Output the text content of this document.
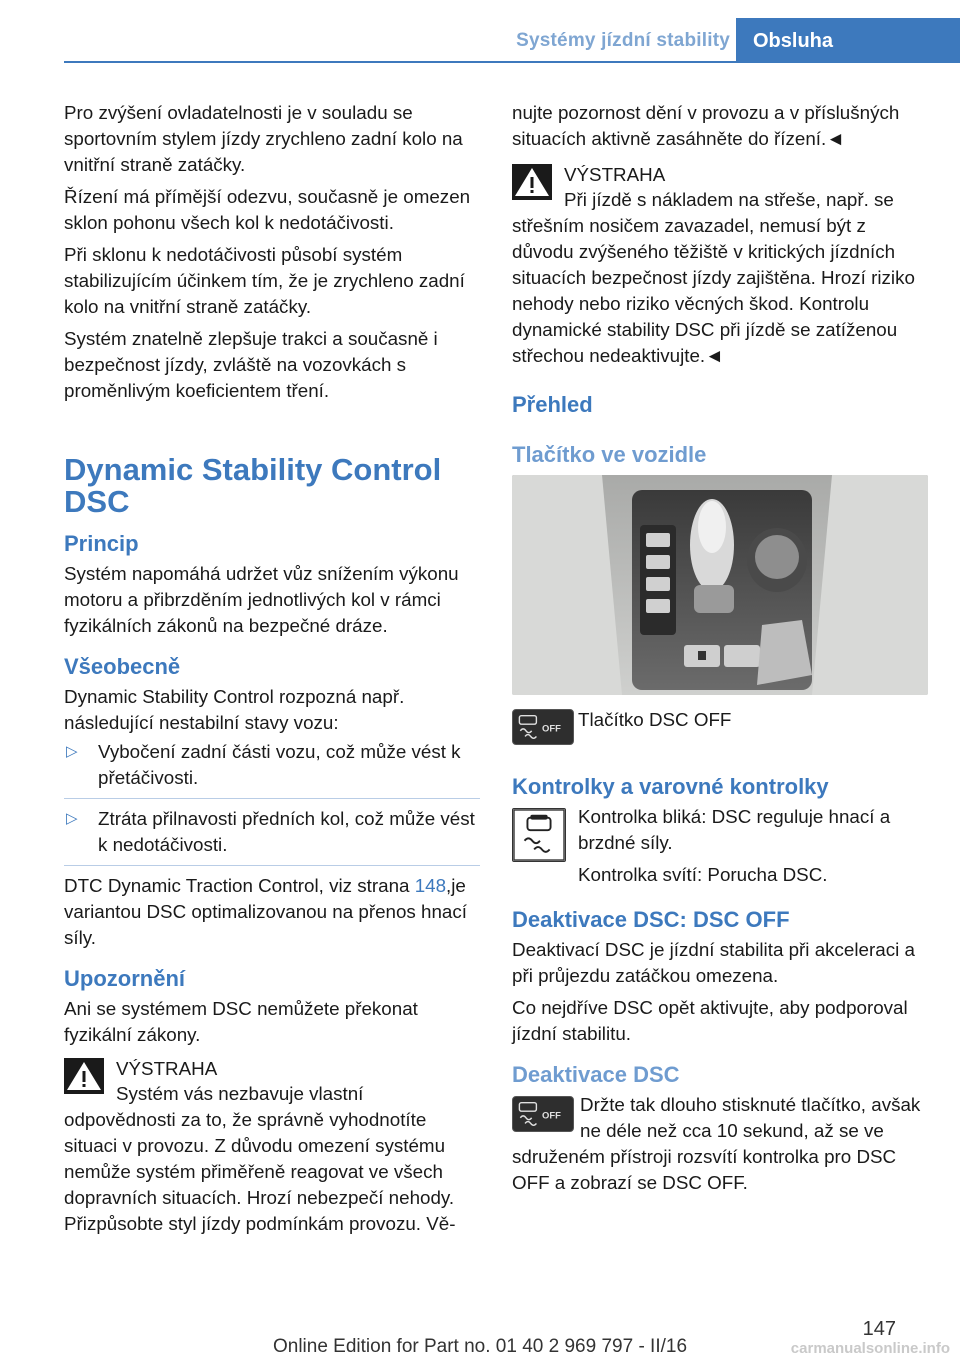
Systémy jízdní stability	Obsluha

Pro zvýšení ovladatelnosti je v souladu se sportovním stylem jízdy zrychleno zadní kolo na vnitřní straně zatáčky.

Řízení má přímější odezvu, současně je omezen sklon pohonu všech kol k nedotáčivosti.

Při sklonu k nedotáčivosti působí systém stabilizujícím účinkem tím, že je zrychleno zadní kolo na vnitřní straně zatáčky.

Systém znatelně zlepšuje trakci a současně i bezpečnost jízdy, zvláště na vozovkách s proměnlivým koeficientem tření.

Dynamic Stability Control DSC
Princip

Systém napomáhá udržet vůz snížením výkonu motoru a přibrzděním jednotlivých kol v rámci fyzikálních zákonů na bezpečné dráze.

Všeobecně

Dynamic Stability Control rozpozná např. následující nestabilní stavy vozu:

▷ Vybočení zadní části vozu, což může vést k přetáčivosti.
▷ Ztráta přilnavosti předních kol, což může vést k nedotáčivosti.

DTC Dynamic Traction Control, viz strana 148,je variantou DSC optimalizovanou na přenos hnací síly.

Upozornění

Ani se systémem DSC nemůžete překonat fyzikální zákony.

VÝSTRAHA

Systém vás nezbavuje vlastní odpovědnosti za to, že správně vyhodnotíte situaci v provozu. Z důvodu omezení systému nemůže systém přiměřeně reagovat ve všech dopravních situacích. Hrozí nebezpečí nehody. Přizpůsobte styl jízdy podmínkám provozu. Vě-

nujte pozornost dění v provozu a v příslušných situacích aktivně zasáhněte do řízení.◄

VÝSTRAHA

Při jízdě s nákladem na střeše, např. se střešním nosičem zavazadel, nemusí být z důvodu zvýšeného těžiště v kritických jízdních situacích bezpečnost jízdy zajištěna. Hrozí riziko nehody nebo riziko věcných škod. Kontrolu dynamické stability DSC při jízdě se zatíženou střechou nedeaktivujte.◄

Přehled
Tlačítko ve vozidle
OFF Tlačítko DSC OFF
Kontrolky a varovné kontrolky

Kontrolka bliká: DSC reguluje hnací a brzdné síly.

Kontrolka svítí: Porucha DSC.

Deaktivace DSC: DSC OFF

Deaktivací DSC je jízdní stabilita při akceleraci a při průjezdu zatáčkou omezena.

Co nejdříve DSC opět aktivujte, aby podporoval jízdní stabilitu.

Deaktivace DSC
OFF

Držte tak dlouho stisknuté tlačítko, avšak ne déle než cca 10 sekund, až se ve sdruženém přístroji rozsvítí kontrolka pro DSC OFF a zobrazí se DSC OFF.

147
Online Edition for Part no. 01 40 2 969 797 - II/16	carmanualsonline.info
